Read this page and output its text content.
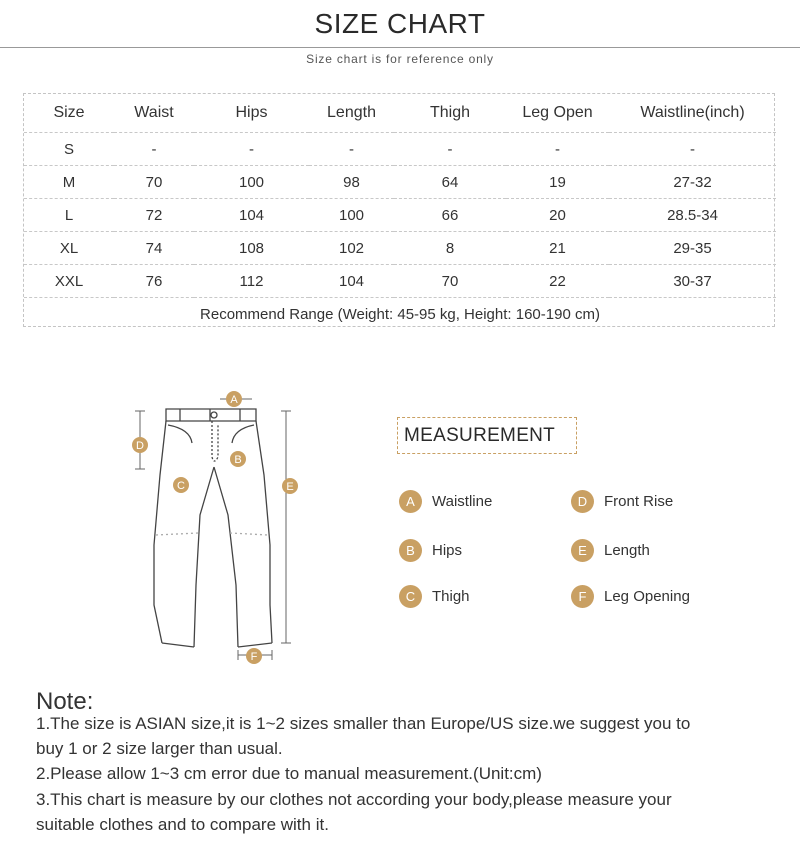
SIZE CHART
Size chart is for reference only
Size	Waist	Hips	Length	Thigh	Leg Open	Waistline(inch)
S	-	-	-	-	-	-
M	70	100	98	64	19	27-32
L	72	104	100	66	20	28.5-34
XL	74	108	102	8	21	29-35
XXL	76	112	104	70	22	30-37
Recommend Range (Weight: 45-95 kg, Height: 160-190 cm)						
A
B
C
D
E
F
MEASUREMENT
A	Waistline
B	Hips
C	Thigh
D	Front Rise
E	Length
F	Leg Opening
Note:
1.The size is ASIAN size,it is 1~2 sizes smaller than Europe/US size.we suggest you to
buy 1 or 2 size larger than usual.
2.Please allow 1~3 cm error due to manual measurement.(Unit:cm)
3.This chart is measure by our clothes not according your body,please measure your
suitable clothes and to compare with it.
